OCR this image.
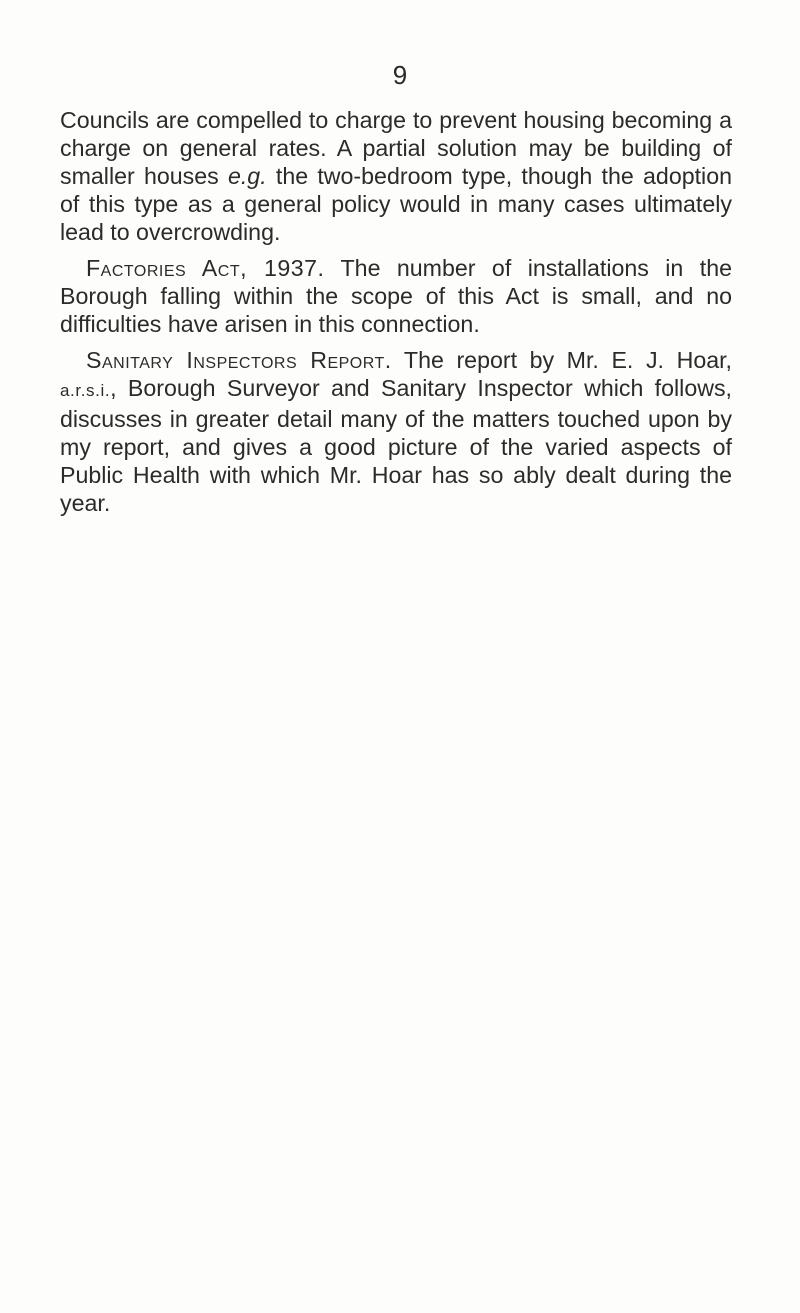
9

Councils are compelled to charge to prevent housing becoming a charge on general rates. A partial solution may be building of smaller houses e.g. the two-bedroom type, though the adoption of this type as a general policy would in many cases ultimately lead to overcrowding.

Factories Act, 1937. The number of installations in the Borough falling within the scope of this Act is small, and no difficulties have arisen in this connection.

Sanitary Inspectors Report. The report by Mr. E. J. Hoar, a.r.s.i., Borough Surveyor and Sanitary Inspector which follows, discusses in greater detail many of the matters touched upon by my report, and gives a good picture of the varied aspects of Public Health with which Mr. Hoar has so ably dealt during the year.
